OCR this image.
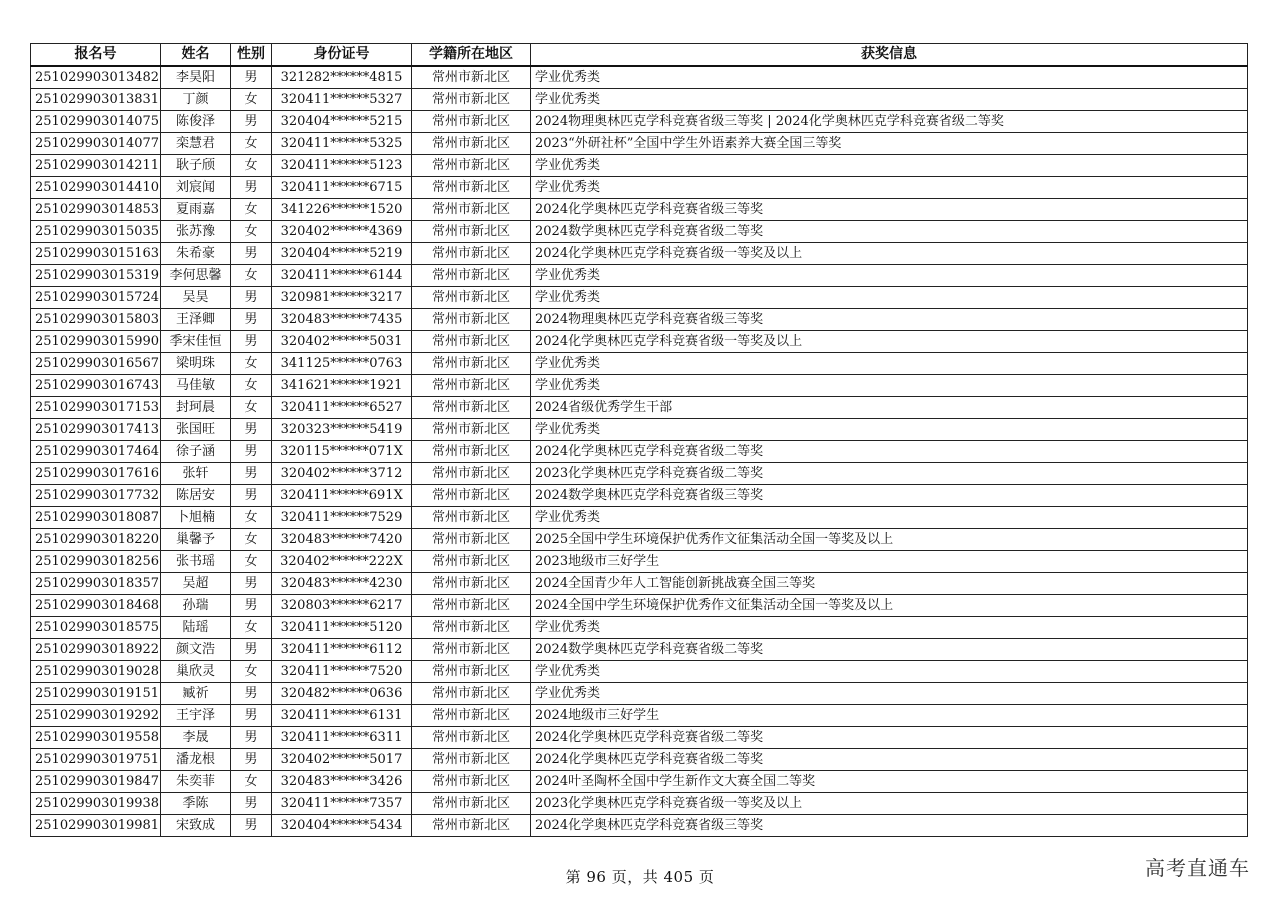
报名号	姓名	性别	身份证号	学籍所在地区	获奖信息
251029903013482	李昊阳	男	321282******4815	常州市新北区	学业优秀类
251029903013831	丁颜	女	320411******5327	常州市新北区	学业优秀类
251029903014075	陈俊泽	男	320404******5215	常州市新北区	2024物理奥林匹克学科竞赛省级三等奖 | 2024化学奥林匹克学科竞赛省级二等奖
251029903014077	栾慧君	女	320411******5325	常州市新北区	2023“外研社杯”全国中学生外语素养大赛全国三等奖
251029903014211	耿子颀	女	320411******5123	常州市新北区	学业优秀类
251029903014410	刘宸闻	男	320411******6715	常州市新北区	学业优秀类
251029903014853	夏雨嘉	女	341226******1520	常州市新北区	2024化学奥林匹克学科竞赛省级三等奖
251029903015035	张苏豫	女	320402******4369	常州市新北区	2024数学奥林匹克学科竞赛省级二等奖
251029903015163	朱希豪	男	320404******5219	常州市新北区	2024化学奥林匹克学科竞赛省级一等奖及以上
251029903015319	李何思馨	女	320411******6144	常州市新北区	学业优秀类
251029903015724	吴昊	男	320981******3217	常州市新北区	学业优秀类
251029903015803	王泽卿	男	320483******7435	常州市新北区	2024物理奥林匹克学科竞赛省级三等奖
251029903015990	季宋佳恒	男	320402******5031	常州市新北区	2024化学奥林匹克学科竞赛省级一等奖及以上
251029903016567	梁明珠	女	341125******0763	常州市新北区	学业优秀类
251029903016743	马佳敏	女	341621******1921	常州市新北区	学业优秀类
251029903017153	封珂晨	女	320411******6527	常州市新北区	2024省级优秀学生干部
251029903017413	张国旺	男	320323******5419	常州市新北区	学业优秀类
251029903017464	徐子涵	男	320115******071X	常州市新北区	2024化学奥林匹克学科竞赛省级二等奖
251029903017616	张轩	男	320402******3712	常州市新北区	2023化学奥林匹克学科竞赛省级二等奖
251029903017732	陈居安	男	320411******691X	常州市新北区	2024数学奥林匹克学科竞赛省级三等奖
251029903018087	卜旭楠	女	320411******7529	常州市新北区	学业优秀类
251029903018220	巢馨予	女	320483******7420	常州市新北区	2025全国中学生环境保护优秀作文征集活动全国一等奖及以上
251029903018256	张书瑶	女	320402******222X	常州市新北区	2023地级市三好学生
251029903018357	吴超	男	320483******4230	常州市新北区	2024全国青少年人工智能创新挑战赛全国三等奖
251029903018468	孙瑞	男	320803******6217	常州市新北区	2024全国中学生环境保护优秀作文征集活动全国一等奖及以上
251029903018575	陆瑶	女	320411******5120	常州市新北区	学业优秀类
251029903018922	颜文浩	男	320411******6112	常州市新北区	2024数学奥林匹克学科竞赛省级二等奖
251029903019028	巢欣灵	女	320411******7520	常州市新北区	学业优秀类
251029903019151	臧祈	男	320482******0636	常州市新北区	学业优秀类
251029903019292	王宇泽	男	320411******6131	常州市新北区	2024地级市三好学生
251029903019558	李晟	男	320411******6311	常州市新北区	2024化学奥林匹克学科竞赛省级二等奖
251029903019751	潘龙根	男	320402******5017	常州市新北区	2024化学奥林匹克学科竞赛省级二等奖
251029903019847	朱奕菲	女	320483******3426	常州市新北区	2024叶圣陶杯全国中学生新作文大赛全国二等奖
251029903019938	季陈	男	320411******7357	常州市新北区	2023化学奥林匹克学科竞赛省级一等奖及以上
251029903019981	宋致成	男	320404******5434	常州市新北区	2024化学奥林匹克学科竞赛省级三等奖
第 96 页，共 405 页	高考直通车
